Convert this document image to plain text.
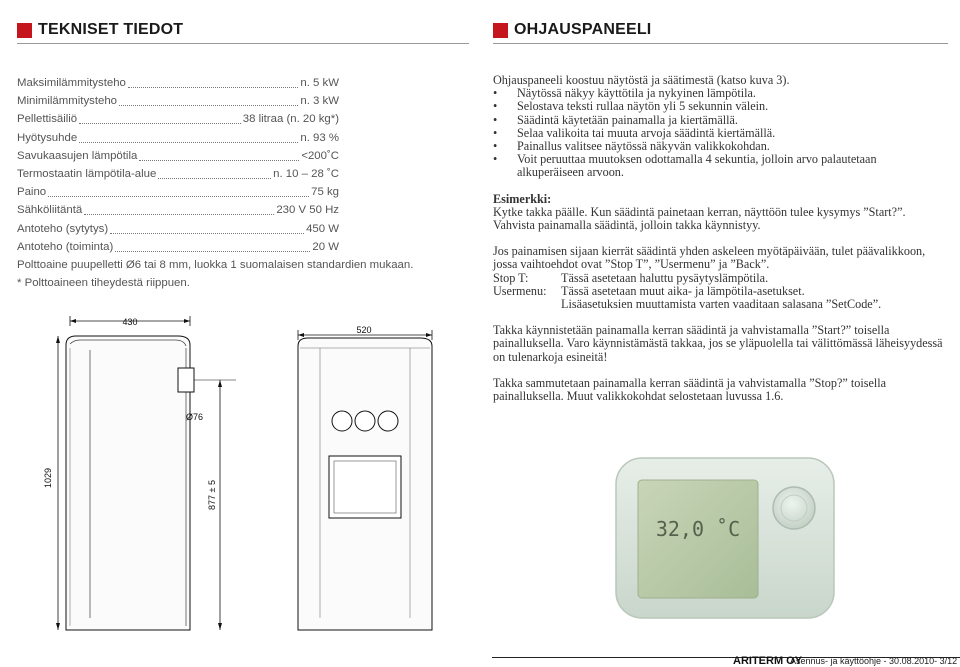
TEKNISET TIEDOT	OHJAUSPANEELI
Maksimilämmitysteho	n. 5 kW
Minimilämmitysteho	n. 3 kW
Pellettisäiliö	38 litraa (n. 20 kg*)
Hyötysuhde	n. 93 %
Savukaasujen lämpötila	<200˚C
Termostaatin lämpötila-alue	n. 10 – 28 ˚C
Paino	75 kg
Sähköliitäntä	230 V 50 Hz
Antoteho (sytytys)	450 W
Antoteho (toiminta)	20 W
Polttoaine puupelletti Ø6 tai 8 mm, luokka 1 suomalaisen standardien mukaan.
* Polttoaineen tiheydestä riippuen.
430
1029
877 ± 5
Ø76
520

Ohjauspaneeli koostuu näytöstä ja säätimestä (katso kuva 3).

•	Näytössä näkyy käyttötila ja nykyinen lämpötila.
•	Selostava teksti rullaa näytön yli 5 sekunnin välein.
•	Säädintä käytetään painamalla ja kiertämällä.
•	Selaa valikoita tai muuta arvoja säädintä kiertämällä.
•	Painallus valitsee näytössä näkyvän valikkokohdan.
•	Voit peruuttaa muutoksen odottamalla 4 sekuntia, jolloin arvo palautetaan alkuperäiseen arvoon.

Esimerkki:

Kytke takka päälle. Kun säädintä painetaan kerran, näyttöön tulee kysymys ”Start?”. Vahvista painamalla säädintä, jolloin takka käynnistyy.

Jos painamisen sijaan kierrät säädintä yhden askeleen myötäpäivään, tulet päävalikkoon, jossa vaihtoehdot ovat ”Stop T”, ”Usermenu” ja ”Back”.

Stop T:	Tässä asetetaan haluttu pysäytyslämpötila.
Usermenu:	Tässä asetetaan muut aika- ja lämpötila-asetukset.

Lisäasetuksien muuttamista varten vaaditaan salasana ”SetCode”.

Takka käynnistetään painamalla kerran säädintä ja vahvistamalla ”Start?” toisella painalluksella. Varo käynnistämästä takkaa, jos se yläpuolella tai välittömässä läheisyydessä on tulenarkoja esineitä!

Takka sammutetaan painamalla kerran säädintä ja vahvistamalla ”Stop?” toisella painalluksella. Muut valikkokohdat selostetaan luvussa 1.6.

32,0 ˚C
ARITERM OY
Asennus- ja käyttöohje - 30.08.2010- 3/12
